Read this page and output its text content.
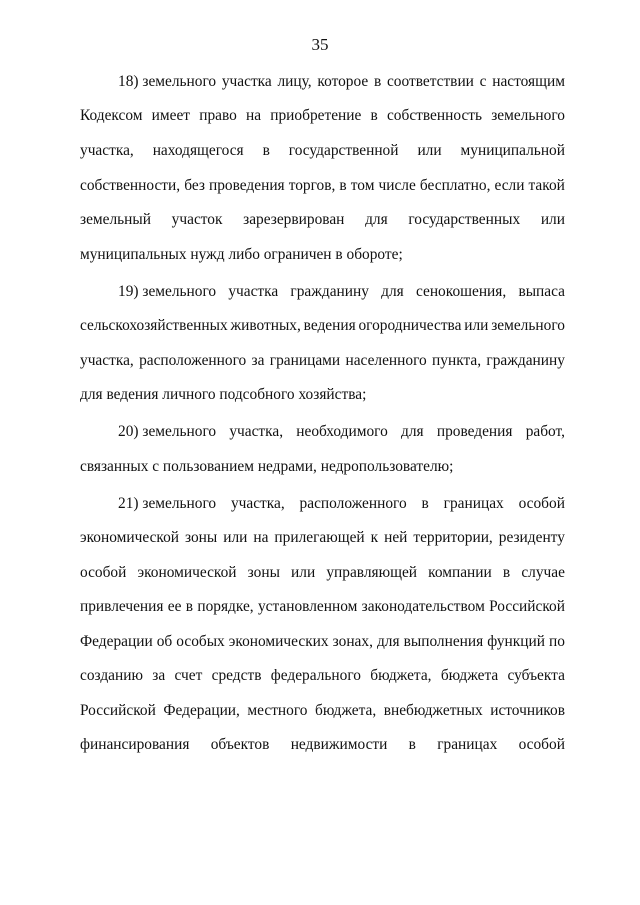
35
18) земельного участка лицу, которое в соответствии с настоящим
Кодексом имеет право на приобретение в собственность земельного
участка, находящегося в государственной или муниципальной
собственности, без проведения торгов, в том числе бесплатно, если такой
земельный участок зарезервирован для государственных или
муниципальных нужд либо ограничен в обороте;
19) земельного участка гражданину для сенокошения, выпаса
сельскохозяйственных животных, ведения огородничества или земельного
участка, расположенного за границами населенного пункта, гражданину
для ведения личного подсобного хозяйства;
20) земельного участка, необходимого для проведения работ,
связанных с пользованием недрами, недропользователю;
21) земельного участка, расположенного в границах особой
экономической зоны или на прилегающей к ней территории, резиденту
особой экономической зоны или управляющей компании в случае
привлечения ее в порядке, установленном законодательством Российской
Федерации об особых экономических зонах, для выполнения функций по
созданию за счет средств федерального бюджета, бюджета субъекта
Российской Федерации, местного бюджета, внебюджетных источников
финансирования объектов недвижимости в границах особой
